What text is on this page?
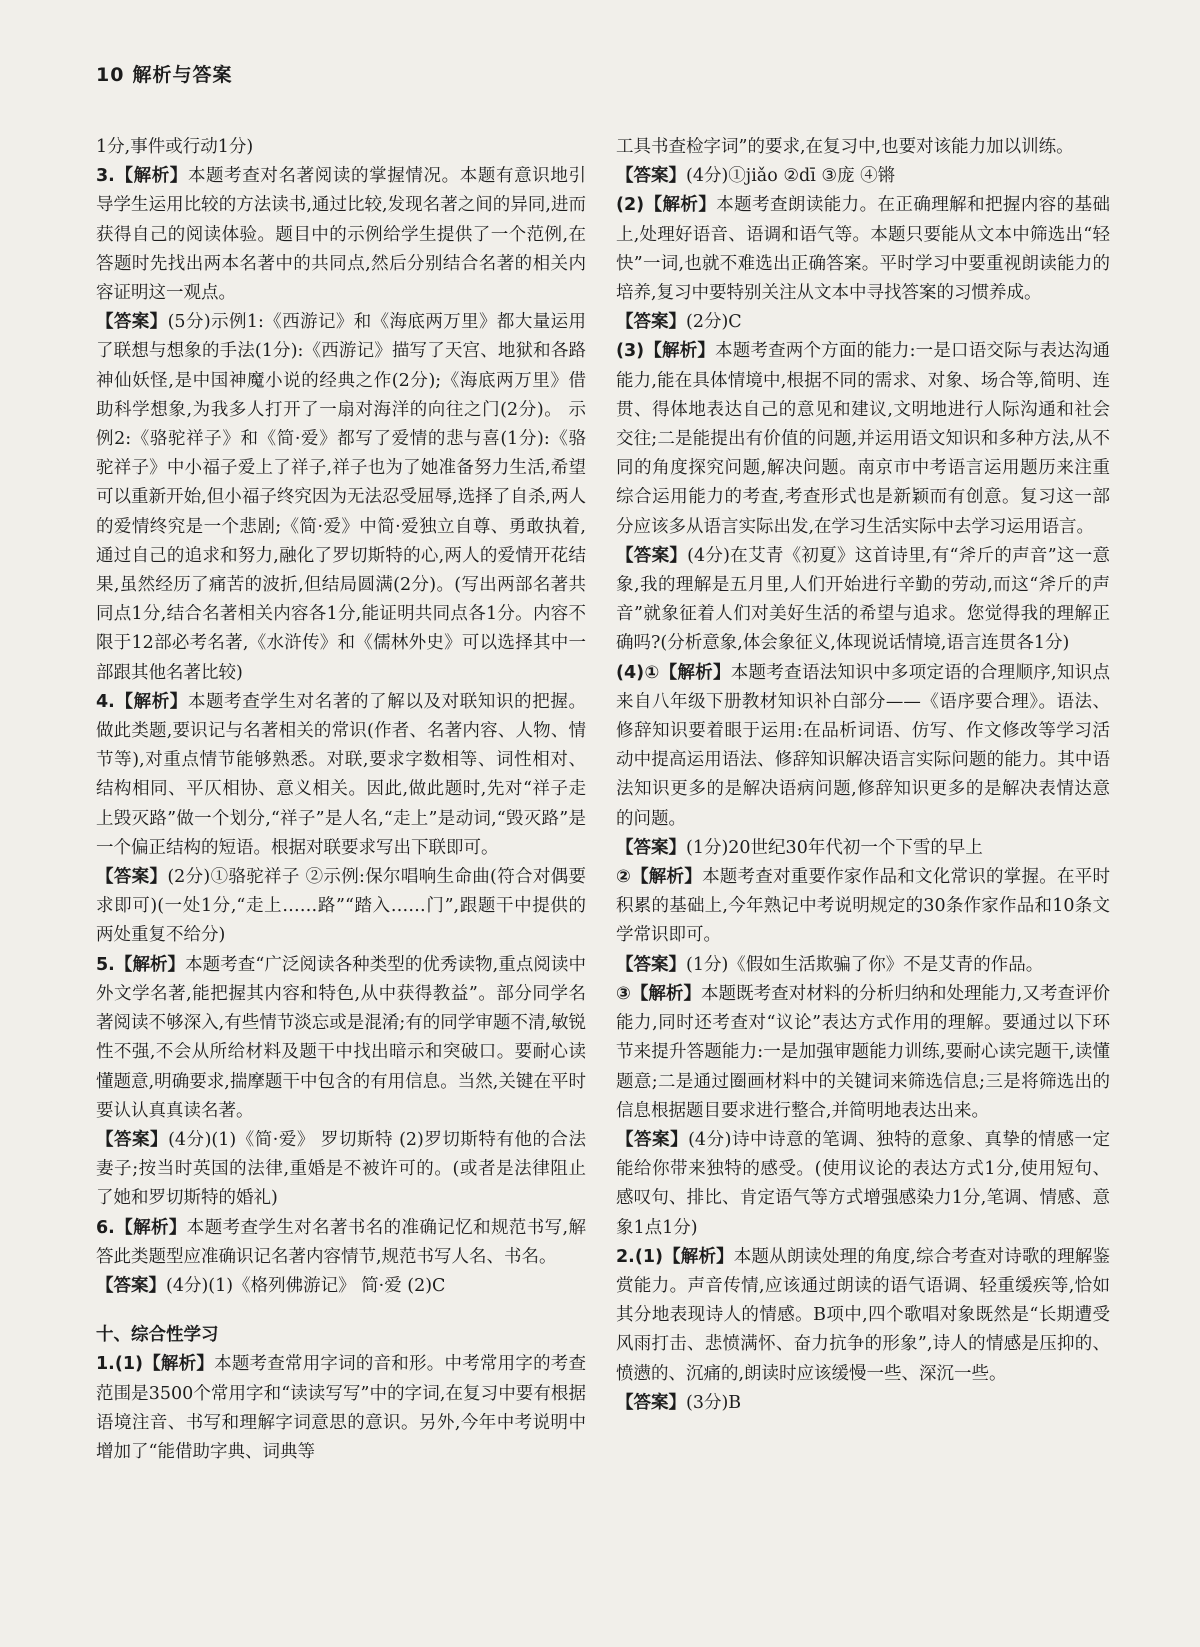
10 解析与答案

1分,事件或行动1分)

3.【解析】本题考查对名著阅读的掌握情况。本题有意识地引导学生运用比较的方法读书,通过比较,发现名著之间的异同,进而获得自己的阅读体验。题目中的示例给学生提供了一个范例,在答题时先找出两本名著中的共同点,然后分别结合名著的相关内容证明这一观点。

【答案】(5分)示例1:《西游记》和《海底两万里》都大量运用了联想与想象的手法(1分):《西游记》描写了天宫、地狱和各路神仙妖怪,是中国神魔小说的经典之作(2分);《海底两万里》借助科学想象,为我多人打开了一扇对海洋的向往之门(2分)。 示例2:《骆驼祥子》和《简·爱》都写了爱情的悲与喜(1分):《骆驼祥子》中小福子爱上了祥子,祥子也为了她准备努力生活,希望可以重新开始,但小福子终究因为无法忍受屈辱,选择了自杀,两人的爱情终究是一个悲剧;《简·爱》中简·爱独立自尊、勇敢执着,通过自己的追求和努力,融化了罗切斯特的心,两人的爱情开花结果,虽然经历了痛苦的波折,但结局圆满(2分)。(写出两部名著共同点1分,结合名著相关内容各1分,能证明共同点各1分。内容不限于12部必考名著,《水浒传》和《儒林外史》可以选择其中一部跟其他名著比较)

4.【解析】本题考查学生对名著的了解以及对联知识的把握。做此类题,要识记与名著相关的常识(作者、名著内容、人物、情节等),对重点情节能够熟悉。对联,要求字数相等、词性相对、结构相同、平仄相协、意义相关。因此,做此题时,先对“祥子走上毁灭路”做一个划分,“祥子”是人名,“走上”是动词,“毁灭路”是一个偏正结构的短语。根据对联要求写出下联即可。

【答案】(2分)①骆驼祥子 ②示例:保尔唱响生命曲(符合对偶要求即可)(一处1分,“走上……路”“踏入……门”,跟题干中提供的两处重复不给分)

5.【解析】本题考查“广泛阅读各种类型的优秀读物,重点阅读中外文学名著,能把握其内容和特色,从中获得教益”。部分同学名著阅读不够深入,有些情节淡忘或是混淆;有的同学审题不清,敏锐性不强,不会从所给材料及题干中找出暗示和突破口。要耐心读懂题意,明确要求,揣摩题干中包含的有用信息。当然,关键在平时要认认真真读名著。

【答案】(4分)(1)《简·爱》 罗切斯特 (2)罗切斯特有他的合法妻子;按当时英国的法律,重婚是不被许可的。(或者是法律阻止了她和罗切斯特的婚礼)

6.【解析】本题考查学生对名著书名的准确记忆和规范书写,解答此类题型应准确识记名著内容情节,规范书写人名、书名。

【答案】(4分)(1)《格列佛游记》 简·爱 (2)C

十、综合性学习

1.(1)【解析】本题考查常用字词的音和形。中考常用字的考查范围是3500个常用字和“读读写写”中的字词,在复习中要有根据语境注音、书写和理解字词意思的意识。另外,今年中考说明中增加了“能借助字典、词典等

工具书查检字词”的要求,在复习中,也要对该能力加以训练。

【答案】(4分)①jiǎo ②dī ③庞 ④锵

(2)【解析】本题考查朗读能力。在正确理解和把握内容的基础上,处理好语音、语调和语气等。本题只要能从文本中筛选出“轻快”一词,也就不难选出正确答案。平时学习中要重视朗读能力的培养,复习中要特别关注从文本中寻找答案的习惯养成。

【答案】(2分)C

(3)【解析】本题考查两个方面的能力:一是口语交际与表达沟通能力,能在具体情境中,根据不同的需求、对象、场合等,简明、连贯、得体地表达自己的意见和建议,文明地进行人际沟通和社会交往;二是能提出有价值的问题,并运用语文知识和多种方法,从不同的角度探究问题,解决问题。南京市中考语言运用题历来注重综合运用能力的考查,考查形式也是新颖而有创意。复习这一部分应该多从语言实际出发,在学习生活实际中去学习运用语言。

【答案】(4分)在艾青《初夏》这首诗里,有“斧斤的声音”这一意象,我的理解是五月里,人们开始进行辛勤的劳动,而这“斧斤的声音”就象征着人们对美好生活的希望与追求。您觉得我的理解正确吗?(分析意象,体会象征义,体现说话情境,语言连贯各1分)

(4)①【解析】本题考查语法知识中多项定语的合理顺序,知识点来自八年级下册教材知识补白部分——《语序要合理》。语法、修辞知识要着眼于运用:在品析词语、仿写、作文修改等学习活动中提高运用语法、修辞知识解决语言实际问题的能力。其中语法知识更多的是解决语病问题,修辞知识更多的是解决表情达意的问题。

【答案】(1分)20世纪30年代初一个下雪的早上

②【解析】本题考查对重要作家作品和文化常识的掌握。在平时积累的基础上,今年熟记中考说明规定的30条作家作品和10条文学常识即可。

【答案】(1分)《假如生活欺骗了你》不是艾青的作品。

③【解析】本题既考查对材料的分析归纳和处理能力,又考查评价能力,同时还考查对“议论”表达方式作用的理解。要通过以下环节来提升答题能力:一是加强审题能力训练,要耐心读完题干,读懂题意;二是通过圈画材料中的关键词来筛选信息;三是将筛选出的信息根据题目要求进行整合,并简明地表达出来。

【答案】(4分)诗中诗意的笔调、独特的意象、真挚的情感一定能给你带来独特的感受。(使用议论的表达方式1分,使用短句、感叹句、排比、肯定语气等方式增强感染力1分,笔调、情感、意象1点1分)

2.(1)【解析】本题从朗读处理的角度,综合考查对诗歌的理解鉴赏能力。声音传情,应该通过朗读的语气语调、轻重缓疾等,恰如其分地表现诗人的情感。B项中,四个歌唱对象既然是“长期遭受风雨打击、悲愤满怀、奋力抗争的形象”,诗人的情感是压抑的、愤懑的、沉痛的,朗读时应该缓慢一些、深沉一些。

【答案】(3分)B
